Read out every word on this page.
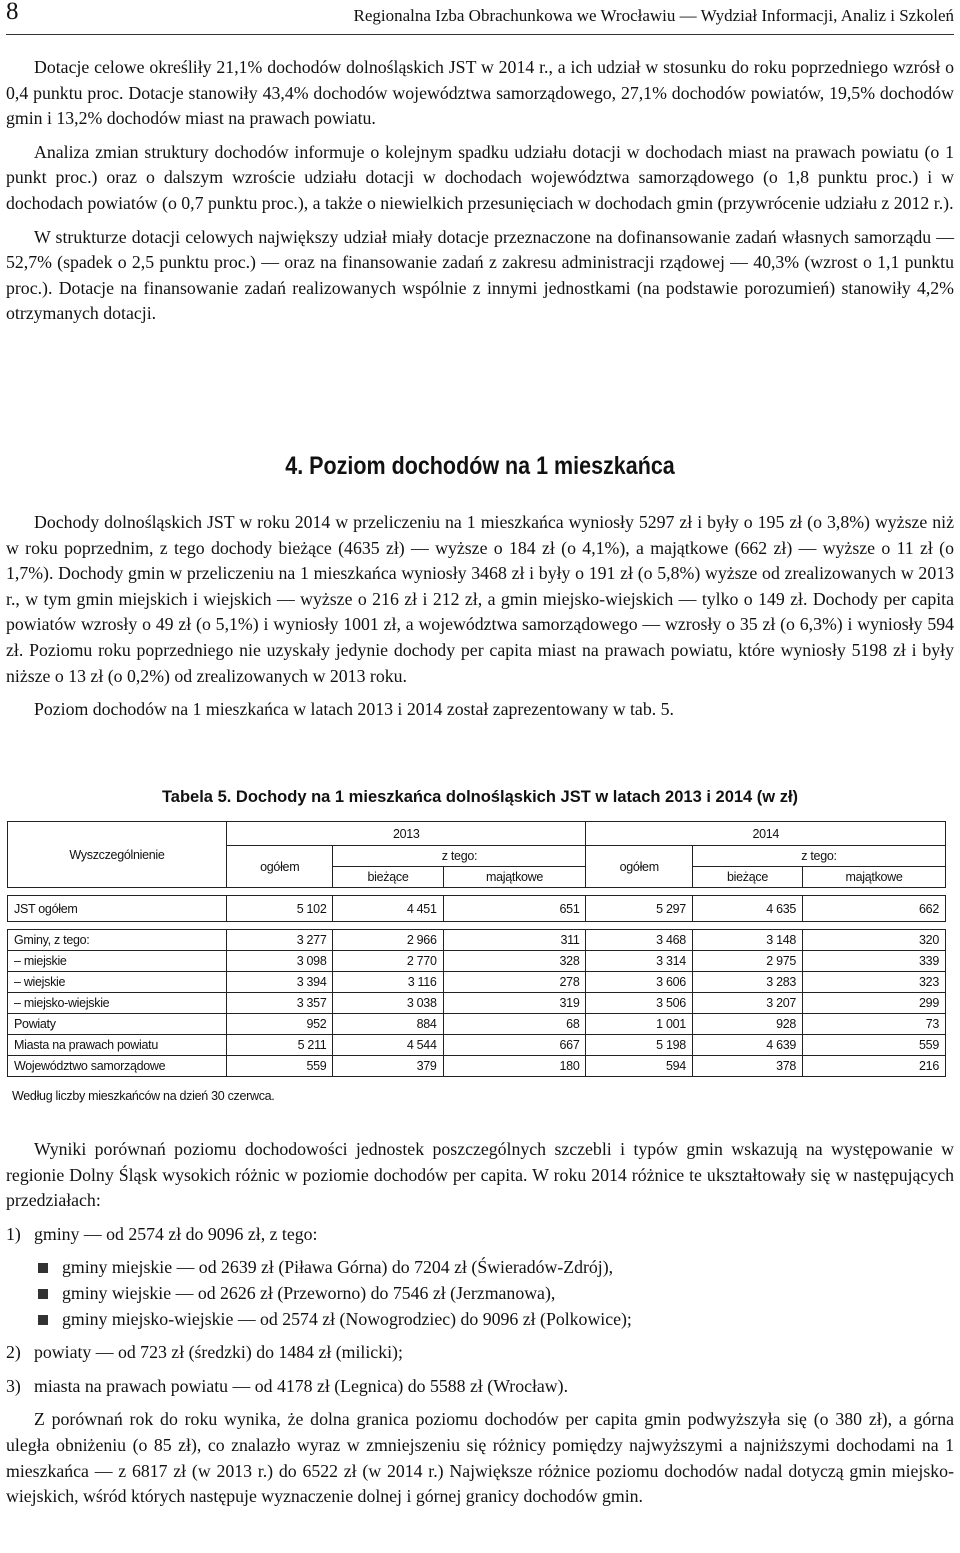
8	Regionalna Izba Obrachunkowa we Wrocławiu — Wydział Informacji, Analiz i Szkoleń

Dotacje celowe określiły 21,1% dochodów dolnośląskich JST w 2014 r., a ich udział w stosunku do roku poprzedniego wzrósł o 0,4 punktu proc. Dotacje stanowiły 43,4% dochodów województwa samorządowego, 27,1% dochodów powiatów, 19,5% dochodów gmin i 13,2% dochodów miast na prawach powiatu.

Analiza zmian struktury dochodów informuje o kolejnym spadku udziału dotacji w dochodach miast na prawach powiatu (o 1 punkt proc.) oraz o dalszym wzroście udziału dotacji w dochodach województwa samorządowego (o 1,8 punktu proc.) i w dochodach powiatów (o 0,7 punktu proc.), a także o niewielkich przesunięciach w dochodach gmin (przywrócenie udziału z 2012 r.).

W strukturze dotacji celowych największy udział miały dotacje przeznaczone na dofinansowanie zadań własnych samorządu — 52,7% (spadek o 2,5 punktu proc.) — oraz na finansowanie zadań z zakresu administracji rządowej — 40,3% (wzrost o 1,1 punktu proc.). Dotacje na finansowanie zadań realizowanych wspólnie z innymi jednostkami (na podstawie porozumień) stanowiły 4,2% otrzymanych dotacji.

4. Poziom dochodów na 1 mieszkańca

Dochody dolnośląskich JST w roku 2014 w przeliczeniu na 1 mieszkańca wyniosły 5297 zł i były o 195 zł (o 3,8%) wyższe niż w roku poprzednim, z tego dochody bieżące (4635 zł) — wyższe o 184 zł (o 4,1%), a majątkowe (662 zł) — wyższe o 11 zł (o 1,7%). Dochody gmin w przeliczeniu na 1 mieszkańca wyniosły 3468 zł i były o 191 zł (o 5,8%) wyższe od zrealizowanych w 2013 r., w tym gmin miejskich i wiejskich — wyższe o 216 zł i 212 zł, a gmin miejsko-wiejskich — tylko o 149 zł. Dochody per capita powiatów wzrosły o 49 zł (o 5,1%) i wyniosły 1001 zł, a województwa samorządowego — wzrosły o 35 zł (o 6,3%) i wyniosły 594 zł. Poziomu roku poprzedniego nie uzyskały jedynie dochody per capita miast na prawach powiatu, które wyniosły 5198 zł i były niższe o 13 zł (o 0,2%) od zrealizowanych w 2013 roku.

Poziom dochodów na 1 mieszkańca w latach 2013 i 2014 został zaprezentowany w tab. 5.

Tabela 5. Dochody na 1 mieszkańca dolnośląskich JST w latach 2013 i 2014 (w zł)
Wyszczególnienie	2013			2014		
	ogółem	z tego:		ogółem	z tego:	
		bieżące	majątkowe		bieżące	majątkowe

JST ogółem	5 102	4 451	651	5 297	4 635	662

Gminy, z tego:	3 277	2 966	311	3 468	3 148	320
– miejskie	3 098	2 770	328	3 314	2 975	339
– wiejskie	3 394	3 116	278	3 606	3 283	323
– miejsko-wiejskie	3 357	3 038	319	3 506	3 207	299
Powiaty	952	884	68	1 001	928	73
Miasta na prawach powiatu	5 211	4 544	667	5 198	4 639	559
Województwo samorządowe	559	379	180	594	378	216
Według liczby mieszkańców na dzień 30 czerwca.

Wyniki porównań poziomu dochodowości jednostek poszczególnych szczebli i typów gmin wskazują na występowanie w regionie Dolny Śląsk wysokich różnic w poziomie dochodów per capita. W roku 2014 różnice te ukształtowały się w następujących przedziałach:

1) gminy — od 2574 zł do 9096 zł, z tego:
gminy miejskie — od 2639 zł (Piława Górna) do 7204 zł (Świeradów-Zdrój),
gminy wiejskie — od 2626 zł (Przeworno) do 7546 zł (Jerzmanowa),
gminy miejsko-wiejskie — od 2574 zł (Nowogrodziec) do 9096 zł (Polkowice);
2) powiaty — od 723 zł (średzki) do 1484 zł (milicki);
3) miasta na prawach powiatu — od 4178 zł (Legnica) do 5588 zł (Wrocław).

Z porównań rok do roku wynika, że dolna granica poziomu dochodów per capita gmin podwyższyła się (o 380 zł), a górna uległa obniżeniu (o 85 zł), co znalazło wyraz w zmniejszeniu się różnicy pomiędzy najwyższymi a najniższymi dochodami na 1 mieszkańca — z 6817 zł (w 2013 r.) do 6522 zł (w 2014 r.) Największe różnice poziomu dochodów nadal dotyczą gmin miejsko-wiejskich, wśród których następuje wyznaczenie dolnej i górnej granicy dochodów gmin.
